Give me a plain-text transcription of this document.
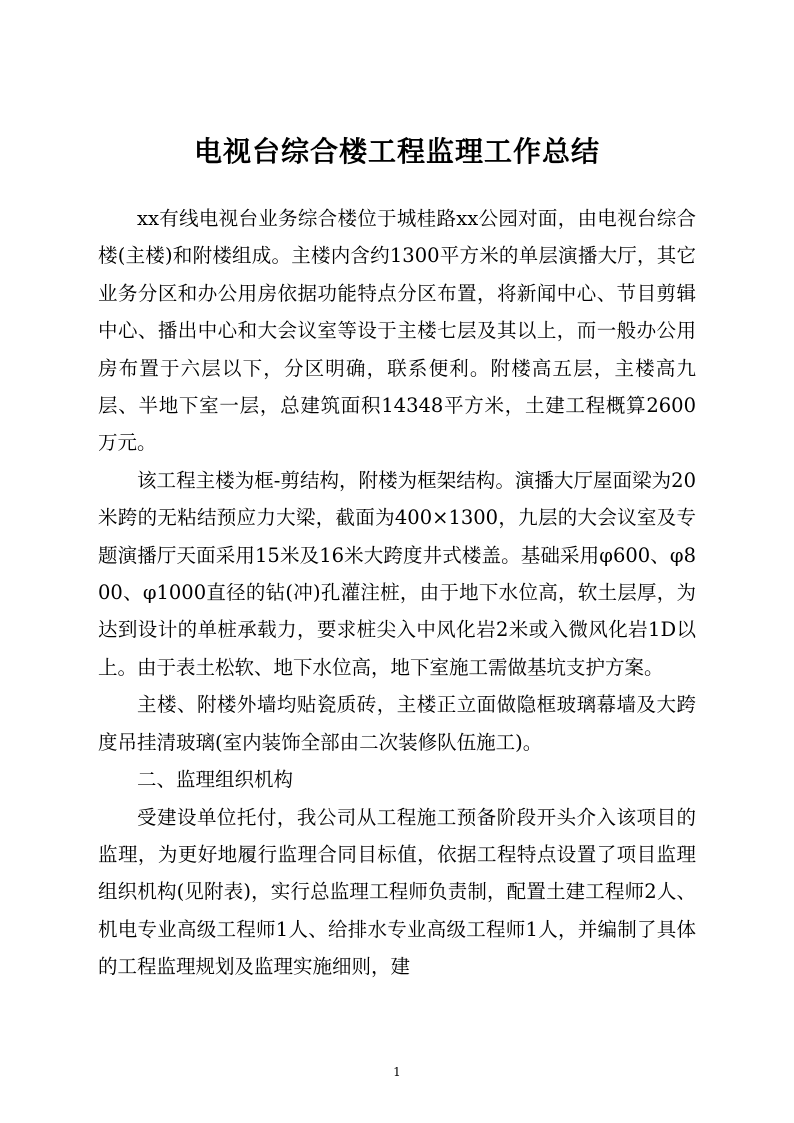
电视台综合楼工程监理工作总结

xx有线电视台业务综合楼位于城桂路xx公园对面，由电视台综合楼(主楼)和附楼组成。主楼内含约1300平方米的单层演播大厅，其它业务分区和办公用房依据功能特点分区布置，将新闻中心、节目剪辑中心、播出中心和大会议室等设于主楼七层及其以上，而一般办公用房布置于六层以下，分区明确，联系便利。附楼高五层，主楼高九层、半地下室一层，总建筑面积14348平方米，土建工程概算2600万元。

该工程主楼为框-剪结构，附楼为框架结构。演播大厅屋面梁为20米跨的无粘结预应力大梁，截面为400×1300，九层的大会议室及专题演播厅天面采用15米及16米大跨度井式楼盖。基础采用φ600、φ800、φ1000直径的钻(冲)孔灌注桩，由于地下水位高，软土层厚，为达到设计的单桩承载力，要求桩尖入中风化岩2米或入微风化岩1D以上。由于表土松软、地下水位高，地下室施工需做基坑支护方案。

主楼、附楼外墙均贴瓷质砖，主楼正立面做隐框玻璃幕墙及大跨度吊挂清玻璃(室内装饰全部由二次装修队伍施工)。

二、监理组织机构

受建设单位托付，我公司从工程施工预备阶段开头介入该项目的监理，为更好地履行监理合同目标值，依据工程特点设置了项目监理组织机构(见附表)，实行总监理工程师负责制，配置土建工程师2人、机电专业高级工程师1人、给排水专业高级工程师1人，并编制了具体的工程监理规划及监理实施细则，建

1
